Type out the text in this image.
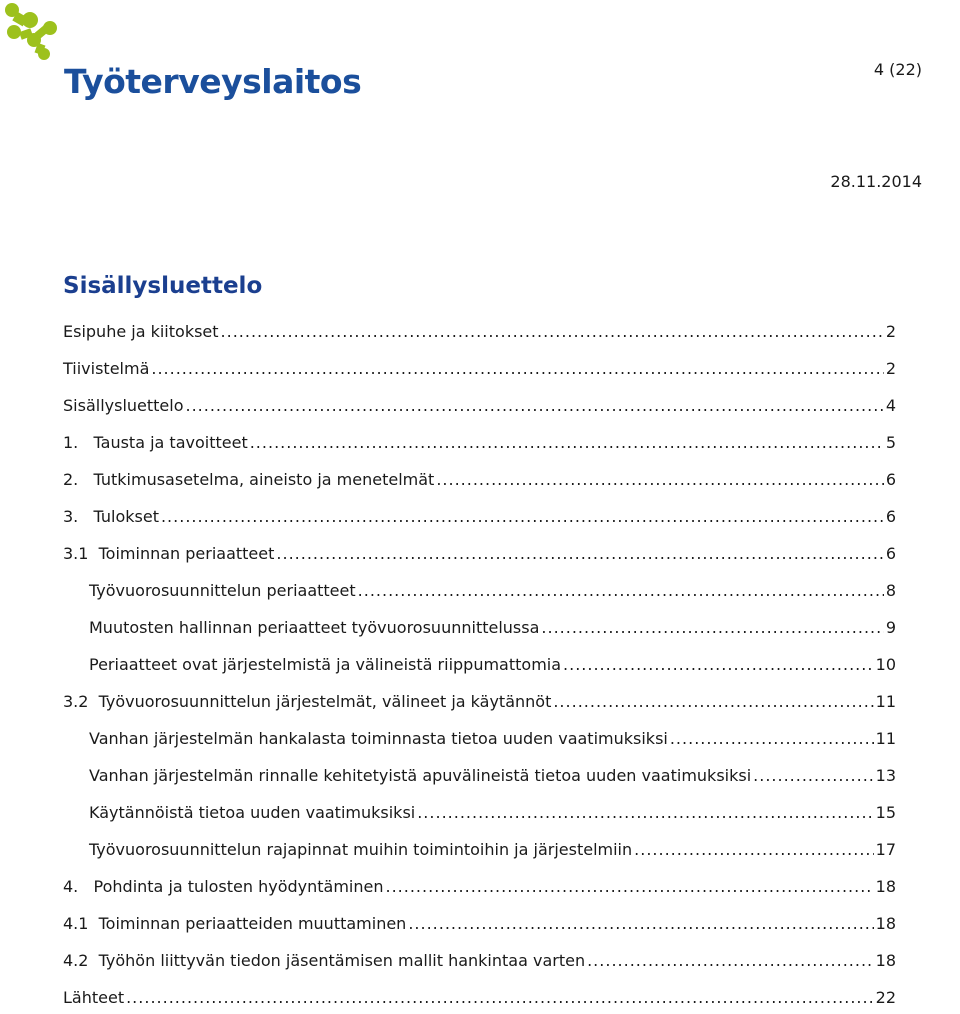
Työterveyslaitos	4 (22)
28.11.2014
Sisällysluettelo
Esipuhe ja kiitokset .....	2
Tiivistelmä .....	2
Sisällysluettelo .....	4
1.   Tausta ja tavoitteet .....	5
2.   Tutkimusasetelma, aineisto ja menetelmät .....	6
3.   Tulokset .....	6
3.1  Toiminnan periaatteet .....	6
Työvuorosuunnittelun periaatteet .....	8
Muutosten hallinnan periaatteet työvuorosuunnittelussa .....	9
Periaatteet ovat järjestelmistä ja välineistä riippumattomia .....	10
3.2  Työvuorosuunnittelun järjestelmät, välineet ja käytännöt .....	11
Vanhan järjestelmän hankalasta toiminnasta tietoa uuden vaatimuksiksi .....	11
Vanhan järjestelmän rinnalle kehitetyistä apuvälineistä tietoa uuden vaatimuksiksi .....	13
Käytännöistä tietoa uuden vaatimuksiksi .....	15
Työvuorosuunnittelun rajapinnat muihin toimintoihin ja järjestelmiin .....	17
4.   Pohdinta ja tulosten hyödyntäminen .....	18
4.1  Toiminnan periaatteiden muuttaminen .....	18
4.2  Työhön liittyvän tiedon jäsentämisen mallit hankintaa varten .....	18
Lähteet .....	22
